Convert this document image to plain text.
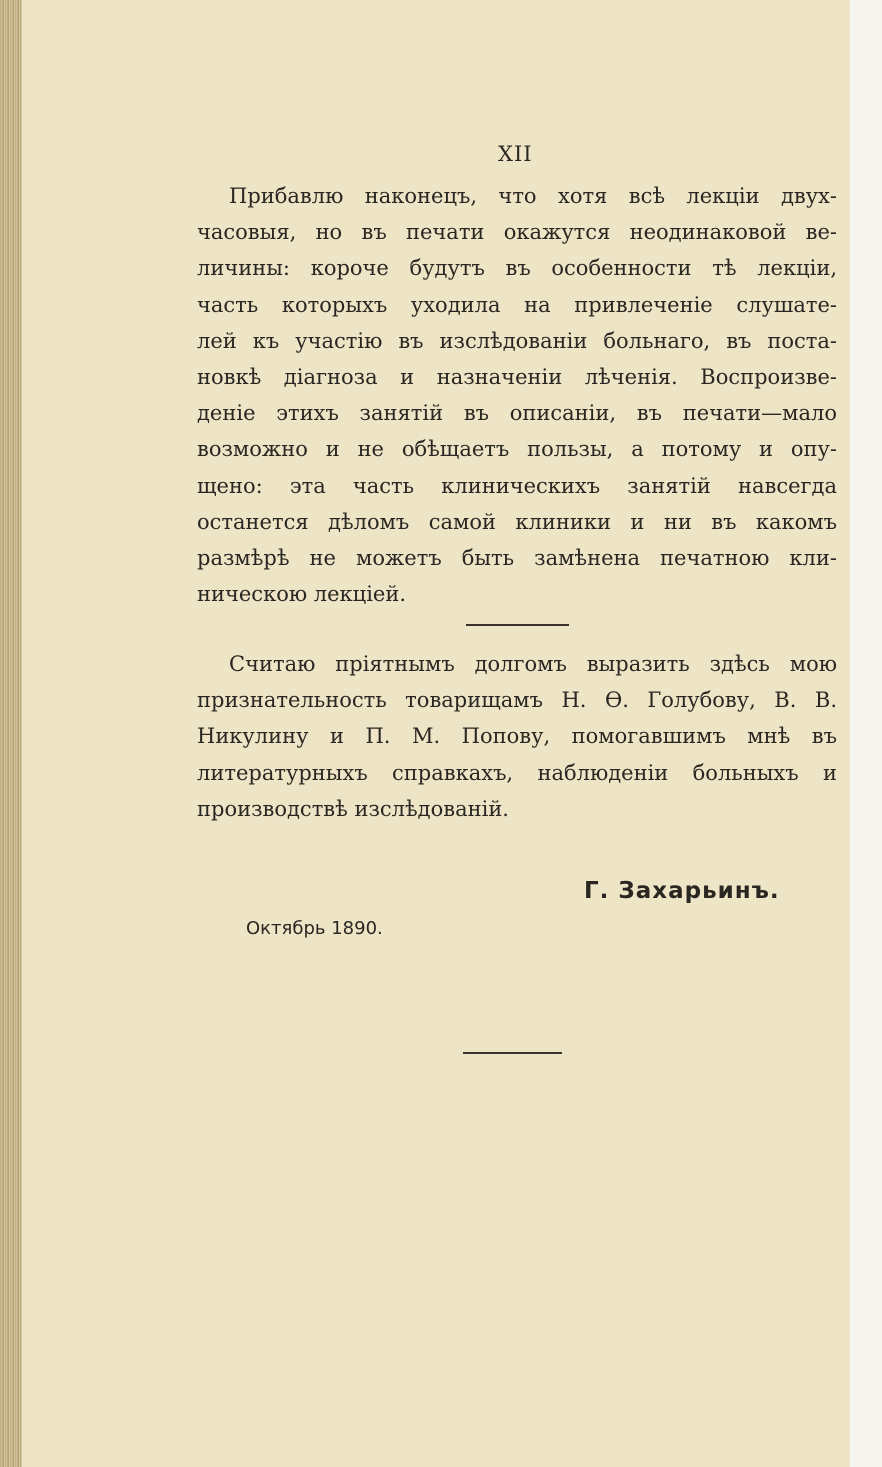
XII
Прибавлю наконецъ, что хотя всѣ лекціи двух-
часовыя, но въ печати окажутся неодинаковой ве-
личины: короче будутъ въ особенности тѣ лекціи,
часть которыхъ уходила на привлеченіе слушате-
лей къ участію въ изслѣдованіи больнаго, въ поста-
новкѣ діагноза и назначеніи лѣченія. Воспроизве-
деніе этихъ занятій въ описаніи, въ печати—мало
возможно и не обѣщаетъ пользы, а потому и опу-
щено: эта часть клиническихъ занятій навсегда
останется дѣломъ самой клиники и ни въ какомъ
размѣрѣ не можетъ быть замѣнена печатною кли-
ническою лекціей.
Считаю пріятнымъ долгомъ выразить здѣсь мою
признательность товарищамъ Н. Ѳ. Голубову, В. В.
Никулину и П. М. Попову, помогавшимъ мнѣ въ
литературныхъ справкахъ, наблюденіи больныхъ и
производствѣ изслѣдованій.
Г. Захарьинъ.
Октябрь 1890.
